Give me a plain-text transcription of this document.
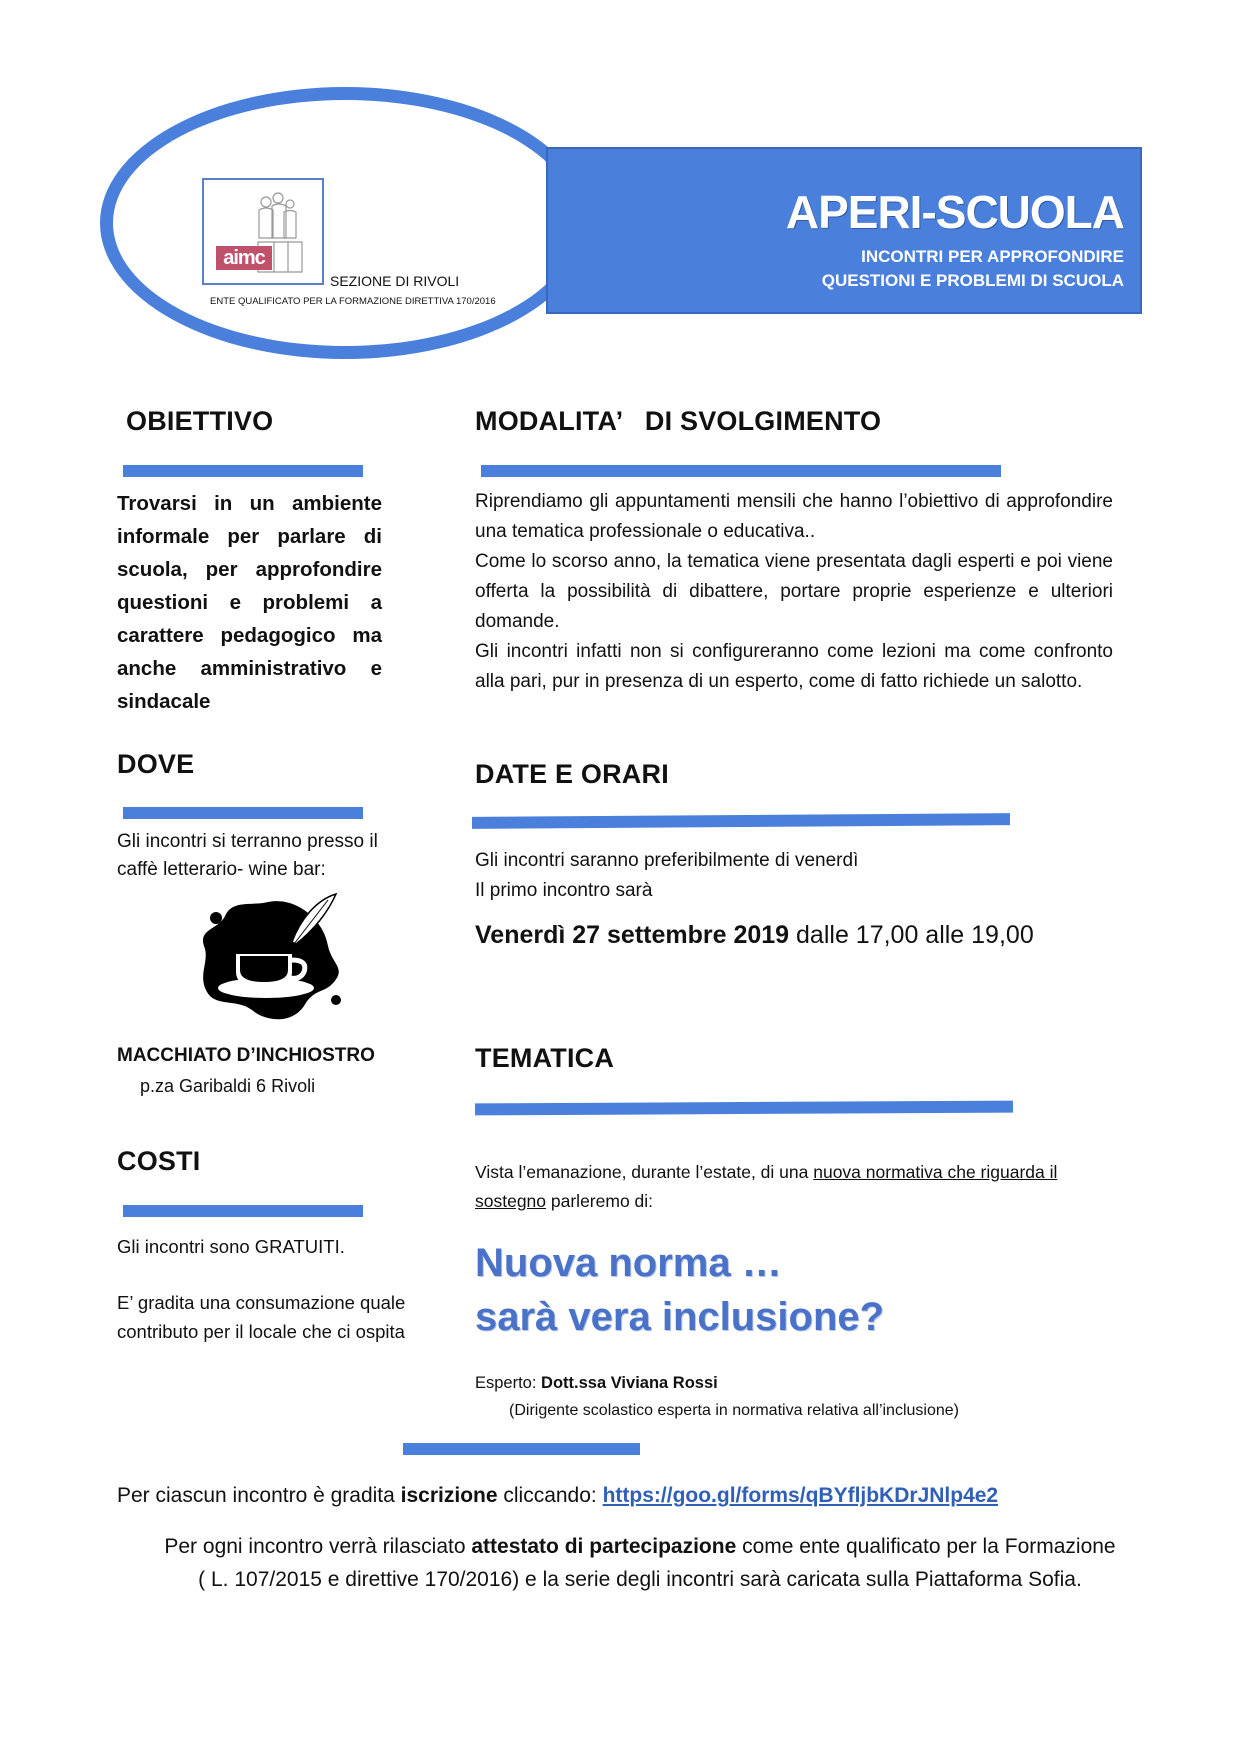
aimc
SEZIONE DI RIVOLI
ENTE QUALIFICATO PER LA FORMAZIONE DIRETTIVA 170/2016
APERI-SCUOLA
INCONTRI PER APPROFONDIRE
QUESTIONI E PROBLEMI DI SCUOLA
OBIETTIVO
Trovarsi in un ambiente informale per parlare di scuola, per approfondire questioni e problemi a carattere pedagogico ma anche amministrativo e sindacale
DOVE
Gli incontri si terranno presso il
caffè letterario- wine bar:
MACCHIATO D’INCHIOSTRO
p.za Garibaldi 6 Rivoli
COSTI
Gli incontri sono GRATUITI.
E’ gradita una consumazione quale
contributo per il locale che ci ospita
MODALITA’   DI SVOLGIMENTO
Riprendiamo gli appuntamenti mensili che hanno l’obiettivo di approfondire una tematica professionale o educativa..
Come lo scorso anno, la tematica viene presentata dagli esperti e poi viene offerta la possibilità di dibattere, portare proprie esperienze e ulteriori domande.
Gli incontri infatti non si configureranno come lezioni ma come confronto alla pari, pur in presenza di un esperto, come di fatto richiede un salotto.
DATE E ORARI
Gli incontri saranno preferibilmente di venerdì
Il primo incontro sarà
Venerdì 27 settembre 2019 dalle 17,00 alle 19,00
TEMATICA
Vista l’emanazione, durante l’estate, di una nuova normativa che riguarda il
sostegno parleremo di:
Nuova norma …
sarà vera inclusione?
Esperto: Dott.ssa Viviana Rossi
(Dirigente scolastico esperta in normativa relativa all’inclusione)
Per ciascun incontro è gradita iscrizione cliccando: https://goo.gl/forms/qBYfljbKDrJNlp4e2
Per ogni incontro verrà rilasciato attestato di partecipazione come ente qualificato per la Formazione
( L. 107/2015 e direttive 170/2016) e la serie degli incontri sarà caricata sulla Piattaforma Sofia.
